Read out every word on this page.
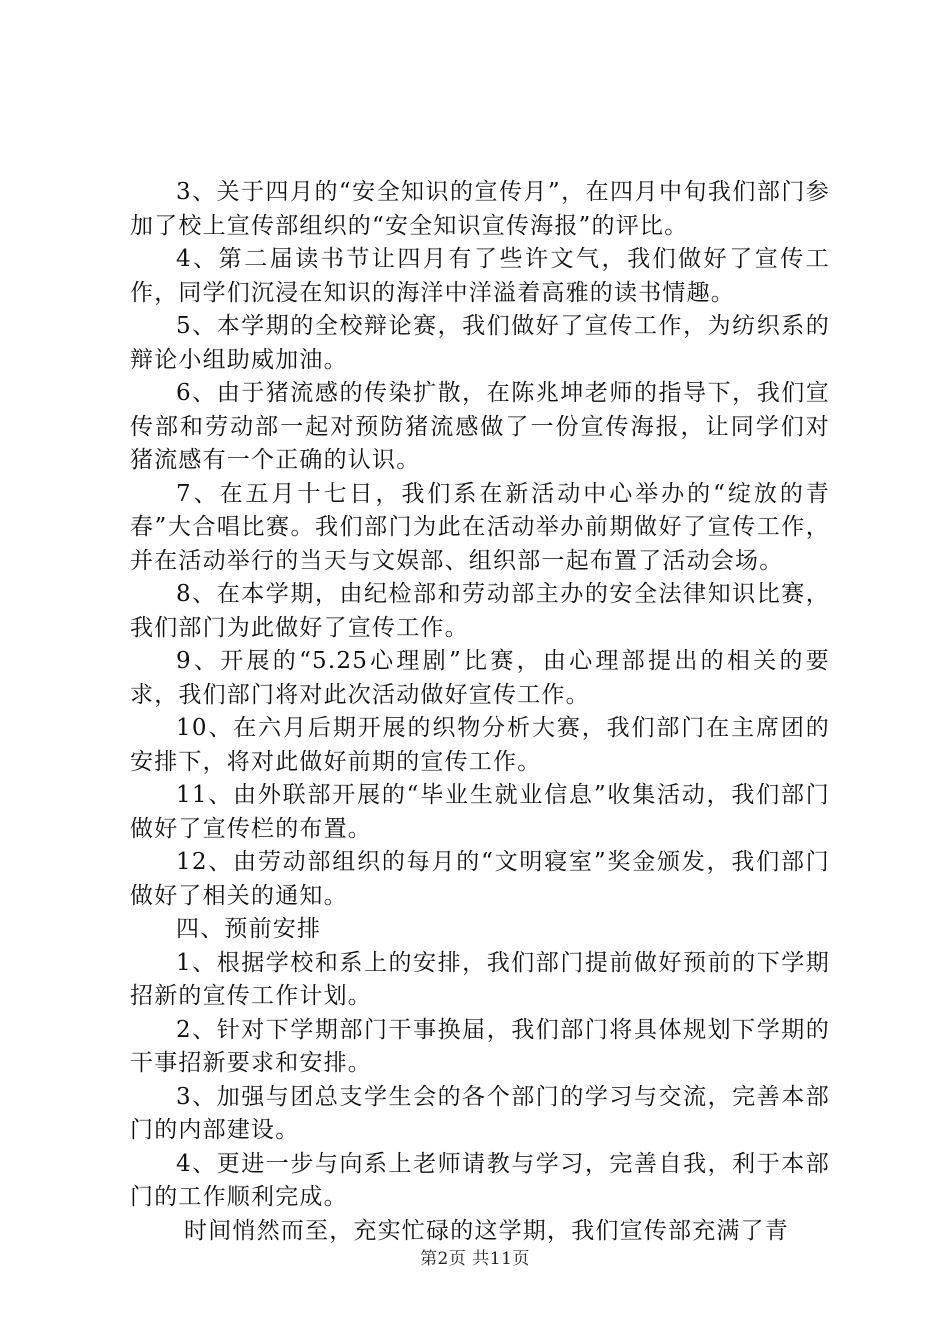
3、关于四月的“安全知识的宣传月”，在四月中旬我们部门参加了校上宣传部组织的“安全知识宣传海报”的评比。

4、第二届读书节让四月有了些许文气，我们做好了宣传工作，同学们沉浸在知识的海洋中洋溢着高雅的读书情趣。

5、本学期的全校辩论赛，我们做好了宣传工作，为纺织系的辩论小组助威加油。

6、由于猪流感的传染扩散，在陈兆坤老师的指导下，我们宣传部和劳动部一起对预防猪流感做了一份宣传海报，让同学们对猪流感有一个正确的认识。

7、在五月十七日，我们系在新活动中心举办的“绽放的青春”大合唱比赛。我们部门为此在活动举办前期做好了宣传工作，并在活动举行的当天与文娱部、组织部一起布置了活动会场。

8、在本学期，由纪检部和劳动部主办的安全法律知识比赛，我们部门为此做好了宣传工作。

9、开展的“5.25心理剧”比赛，由心理部提出的相关的要求，我们部门将对此次活动做好宣传工作。

10、在六月后期开展的织物分析大赛，我们部门在主席团的安排下，将对此做好前期的宣传工作。

11、由外联部开展的“毕业生就业信息”收集活动，我们部门做好了宣传栏的布置。

12、由劳动部组织的每月的“文明寝室”奖金颁发，我们部门做好了相关的通知。

四、预前安排

1、根据学校和系上的安排，我们部门提前做好预前的下学期招新的宣传工作计划。

2、针对下学期部门干事换届，我们部门将具体规划下学期的干事招新要求和安排。

3、加强与团总支学生会的各个部门的学习与交流，完善本部门的内部建设。

4、更进一步与向系上老师请教与学习，完善自我，利于本部门的工作顺利完成。

时间悄然而至，充实忙碌的这学期，我们宣传部充满了青

第2页 共11页
